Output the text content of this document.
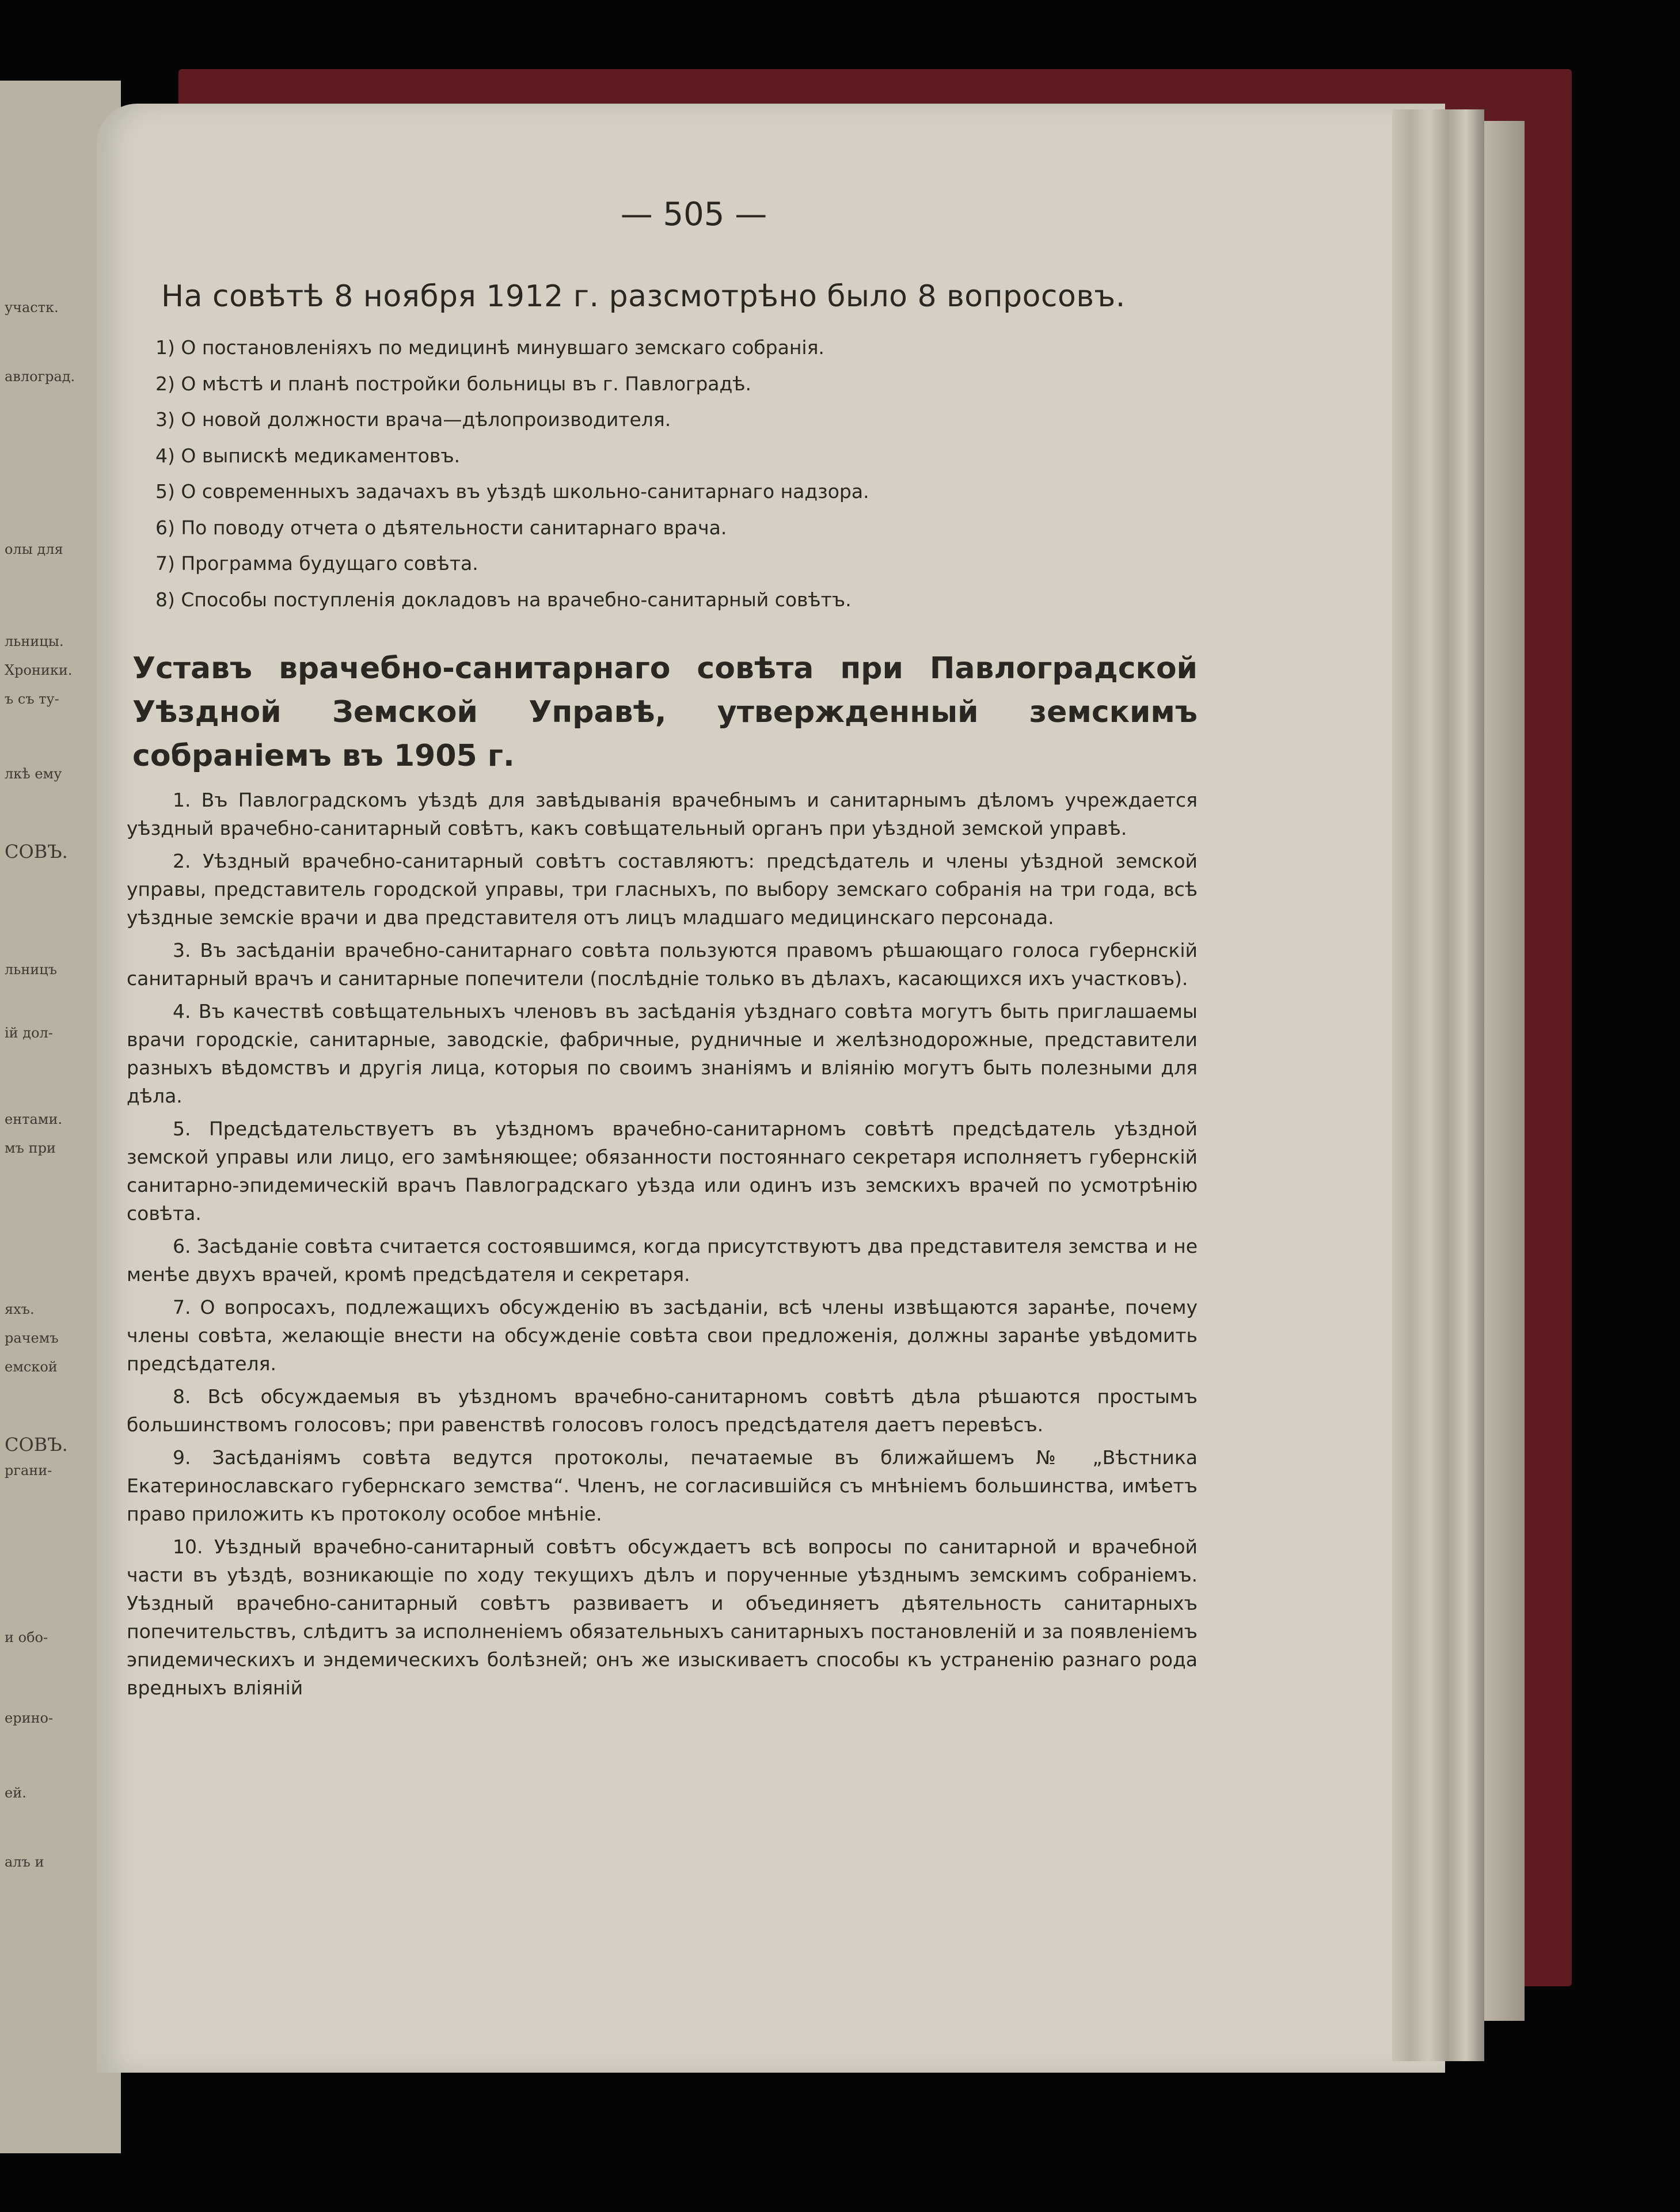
участк.
авлоград.
олы для
льницы.
Хроники.
ъ съ ту-
лкѣ ему
СОВЪ.
льницъ
ій дол-
ентами.
мъ при
яхъ.
рачемъ
емской
СОВЪ.
ргани-
и обо-
ерино-
ей.
алъ и
— 505 —
На совѣтѣ 8 ноября 1912 г. разсмотрѣно было 8 вопросовъ.
1) О постановленіяхъ по медицинѣ минувшаго земскаго собранія.
2) О мѣстѣ и планѣ постройки больницы въ г. Павлоградѣ.
3) О новой должности врача—дѣлопроизводителя.
4) О выпискѣ медикаментовъ.
5) О современныхъ задачахъ въ уѣздѣ школьно-санитарнаго надзора.
6) По поводу отчета о дѣятельности санитарнаго врача.
7) Программа будущаго совѣта.
8) Способы поступленія докладовъ на врачебно-санитарный совѣтъ.
Уставъ врачебно-санитарнаго совѣта при Павлоградской Уѣздной Земской Управѣ, утвержденный земскимъ собраніемъ въ 1905 г.

1. Въ Павлоградскомъ уѣздѣ для завѣдыванія врачебнымъ и санитарнымъ дѣломъ учреждается уѣздный врачебно-санитарный совѣтъ, какъ совѣщательный органъ при уѣздной земской управѣ.

2. Уѣздный врачебно-санитарный совѣтъ составляютъ: предсѣдатель и члены уѣздной земской управы, представитель городской управы, три гласныхъ, по выбору земскаго собранія на три года, всѣ уѣздные земскіе врачи и два представителя отъ лицъ младшаго медицинскаго персонада.

3. Въ засѣданіи врачебно-санитарнаго совѣта пользуются правомъ рѣшающаго голоса губернскій санитарный врачъ и санитарные попечители (послѣдніе только въ дѣлахъ, касающихся ихъ участковъ).

4. Въ качествѣ совѣщательныхъ членовъ въ засѣданія уѣзднаго совѣта могутъ быть приглашаемы врачи городскіе, санитарные, заводскіе, фабричные, рудничные и желѣзнодорожные, представители разныхъ вѣдомствъ и другія лица, которыя по своимъ знаніямъ и вліянію могутъ быть полезными для дѣла.

5. Предсѣдательствуетъ въ уѣздномъ врачебно-санитарномъ совѣтѣ предсѣдатель уѣздной земской управы или лицо, его замѣняющее; обязанности постояннаго секретаря исполняетъ губернскій санитарно-эпидемическій врачъ Павлоградскаго уѣзда или одинъ изъ земскихъ врачей по усмотрѣнію совѣта.

6. Засѣданіе совѣта считается состоявшимся, когда присутствуютъ два представителя земства и не менѣе двухъ врачей, кромѣ предсѣдателя и секретаря.

7. О вопросахъ, подлежащихъ обсужденію въ засѣданіи, всѣ члены извѣщаются заранѣе, почему члены совѣта, желающіе внести на обсужденіе совѣта свои предложенія, должны заранѣе увѣдомить предсѣдателя.

8. Всѣ обсуждаемыя въ уѣздномъ врачебно-санитарномъ совѣтѣ дѣла рѣшаются простымъ большинствомъ голосовъ; при равенствѣ голосовъ голосъ предсѣдателя даетъ перевѣсъ.

9. Засѣданіямъ совѣта ведутся протоколы, печатаемые въ ближайшемъ № „Вѣстника Екатеринославскаго губернскаго земства“. Членъ, не согласившійся съ мнѣніемъ большинства, имѣетъ право приложить къ протоколу особое мнѣніе.

10. Уѣздный врачебно-санитарный совѣтъ обсуждаетъ всѣ вопросы по санитарной и врачебной части въ уѣздѣ, возникающіе по ходу текущихъ дѣлъ и порученные уѣзднымъ земскимъ собраніемъ. Уѣздный врачебно-санитарный совѣтъ развиваетъ и объединяетъ дѣятельность санитарныхъ попечительствъ, слѣдитъ за исполненіемъ обязательныхъ санитарныхъ постановленій и за появленіемъ эпидемическихъ и эндемическихъ болѣзней; онъ же изыскиваетъ способы къ устраненію разнаго рода вредныхъ вліяній
